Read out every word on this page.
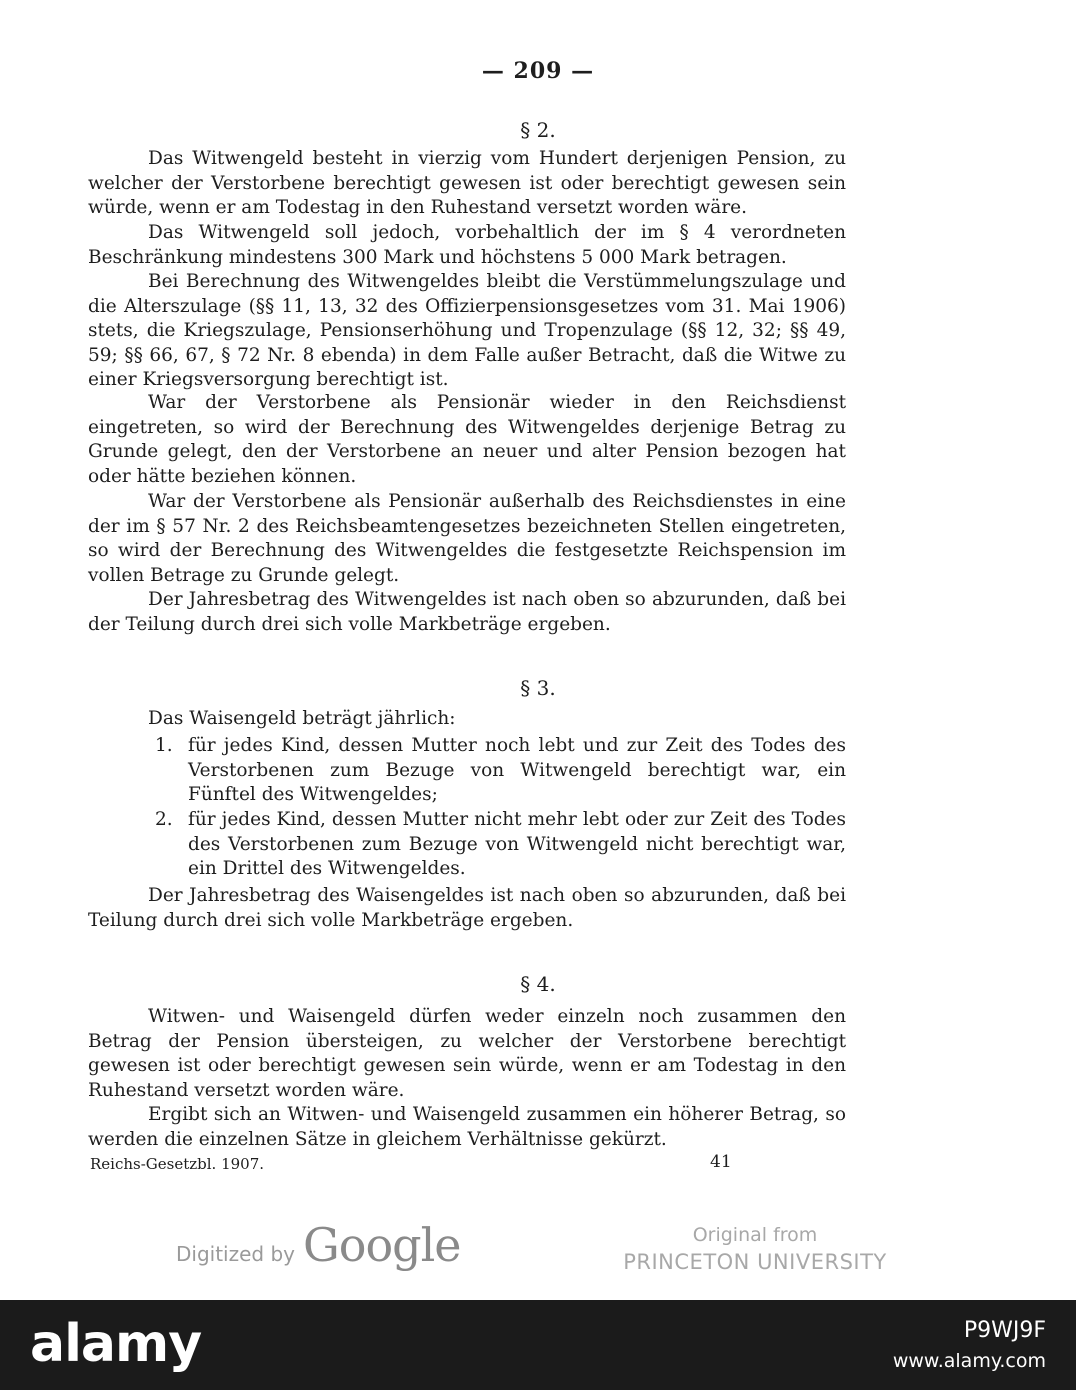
— 209 —
§ 2.

Das Witwengeld besteht in vierzig vom Hundert derjenigen Pension, zu welcher der Verstorbene berechtigt gewesen ist oder berechtigt gewesen sein würde, wenn er am Todestag in den Ruhestand versetzt worden wäre.

Das Witwengeld soll jedoch, vorbehaltlich der im § 4 verordneten Beschränkung mindestens 300 Mark und höchstens 5 000 Mark betragen.

Bei Berechnung des Witwengeldes bleibt die Verstümmelungszulage und die Alterszulage (§§ 11, 13, 32 des Offizierpensionsgesetzes vom 31. Mai 1906) stets, die Kriegszulage, Pensionserhöhung und Tropenzulage (§§ 12, 32; §§ 49, 59; §§ 66, 67, § 72 Nr. 8 ebenda) in dem Falle außer Betracht, daß die Witwe zu einer Kriegsversorgung berechtigt ist.

War der Verstorbene als Pensionär wieder in den Reichsdienst eingetreten, so wird der Berechnung des Witwengeldes derjenige Betrag zu Grunde gelegt, den der Verstorbene an neuer und alter Pension bezogen hat oder hätte beziehen können.

War der Verstorbene als Pensionär außerhalb des Reichsdienstes in eine der im § 57 Nr. 2 des Reichsbeamtengesetzes bezeichneten Stellen eingetreten, so wird der Berechnung des Witwengeldes die festgesetzte Reichspension im vollen Betrage zu Grunde gelegt.

Der Jahresbetrag des Witwengeldes ist nach oben so abzurunden, daß bei der Teilung durch drei sich volle Markbeträge ergeben.

§ 3.

Das Waisengeld beträgt jährlich:

1. für jedes Kind, dessen Mutter noch lebt und zur Zeit des Todes des Verstorbenen zum Bezuge von Witwengeld berechtigt war, ein Fünftel des Witwengeldes;
2. für jedes Kind, dessen Mutter nicht mehr lebt oder zur Zeit des Todes des Verstorbenen zum Bezuge von Witwengeld nicht berechtigt war, ein Drittel des Witwengeldes.

Der Jahresbetrag des Waisengeldes ist nach oben so abzurunden, daß bei Teilung durch drei sich volle Markbeträge ergeben.

§ 4.

Witwen- und Waisengeld dürfen weder einzeln noch zusammen den Betrag der Pension übersteigen, zu welcher der Verstorbene berechtigt gewesen ist oder berechtigt gewesen sein würde, wenn er am Todestag in den Ruhestand versetzt worden wäre.

Ergibt sich an Witwen- und Waisengeld zusammen ein höherer Betrag, so werden die einzelnen Sätze in gleichem Verhältnisse gekürzt.

Reichs-Gesetzbl. 1907.	41
Digitized by Google	Original from
PRINCETON UNIVERSITY
alamy	P9WJ9F
www.alamy.com
